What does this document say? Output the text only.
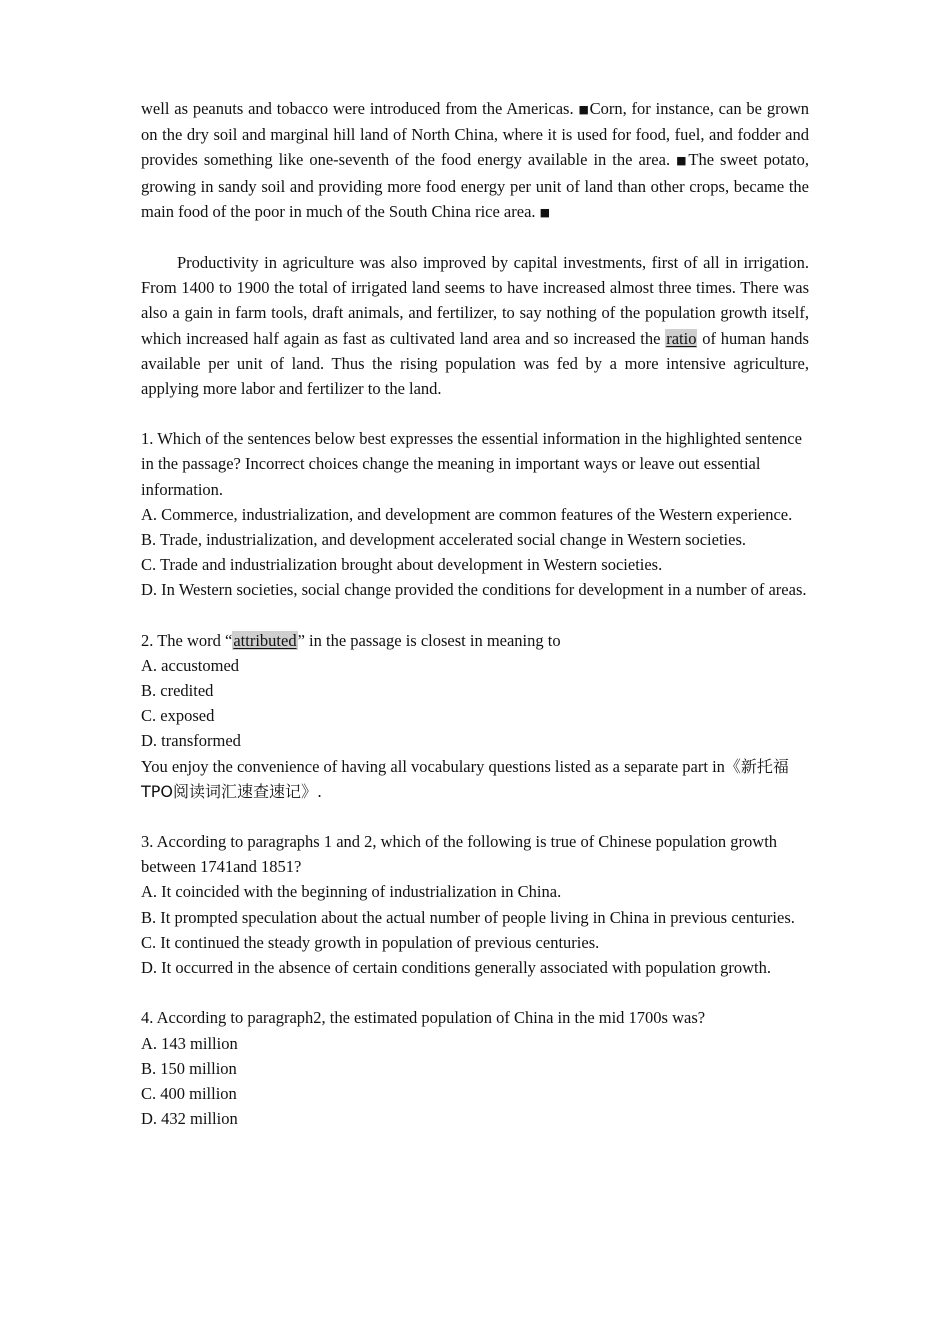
well as peanuts and tobacco were introduced from the Americas. ■Corn, for instance, can be grown on the dry soil and marginal hill land of North China, where it is used for food, fuel, and fodder and provides something like one-seventh of the food energy available in the area. ■The sweet potato, growing in sandy soil and providing more food energy per unit of land than other crops, became the main food of the poor in much of the South China rice area. ■

Productivity in agriculture was also improved by capital investments, first of all in irrigation. From 1400 to 1900 the total of irrigated land seems to have increased almost three times. There was also a gain in farm tools, draft animals, and fertilizer, to say nothing of the population growth itself, which increased half again as fast as cultivated land area and so increased the ratio of human hands available per unit of land. Thus the rising population was fed by a more intensive agriculture, applying more labor and fertilizer to the land.

1. Which of the sentences below best expresses the essential information in the highlighted sentence in the passage? Incorrect choices change the meaning in important ways or leave out essential information.

A. Commerce, industrialization, and development are common features of the Western experience.

B. Trade, industrialization, and development accelerated social change in Western societies.

C. Trade and industrialization brought about development in Western societies.

D. In Western societies, social change provided the conditions for development in a number of areas.

2. The word “attributed” in the passage is closest in meaning to

A. accustomed

B. credited

C. exposed

D. transformed

You enjoy the convenience of having all vocabulary questions listed as a separate part in《新托福TPO阅读词汇速查速记》.

3. According to paragraphs 1 and 2, which of the following is true of Chinese population growth between 1741and 1851?

A. It coincided with the beginning of industrialization in China.

B. It prompted speculation about the actual number of people living in China in previous centuries.

C. It continued the steady growth in population of previous centuries.

D. It occurred in the absence of certain conditions generally associated with population growth.

4. According to paragraph2, the estimated population of China in the mid 1700s was?

A. 143 million

B. 150 million

C. 400 million

D. 432 million
